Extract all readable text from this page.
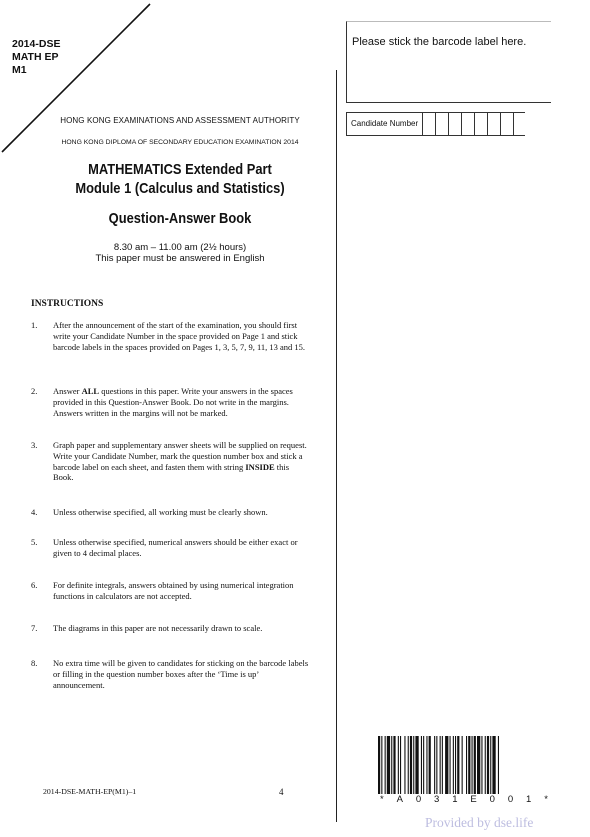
2014-DSE
MATH EP
M1
HONG KONG EXAMINATIONS AND ASSESSMENT AUTHORITY
HONG KONG DIPLOMA OF SECONDARY EDUCATION EXAMINATION 2014
MATHEMATICS Extended Part
Module 1 (Calculus and Statistics)
Question-Answer Book
8.30 am – 11.00 am (2½ hours)
This paper must be answered in English
INSTRUCTIONS
1.	After the announcement of the start of the examination, you should first write your Candidate Number in the space provided on Page 1 and stick barcode labels in the spaces provided on Pages 1, 3, 5, 7, 9, 11, 13 and 15.
2.	Answer ALL questions in this paper. Write your answers in the spaces provided in this Question-Answer Book. Do not write in the margins. Answers written in the margins will not be marked.
3.	Graph paper and supplementary answer sheets will be supplied on request. Write your Candidate Number, mark the question number box and stick a barcode label on each sheet, and fasten them with string INSIDE this Book.
4.	Unless otherwise specified, all working must be clearly shown.
5.	Unless otherwise specified, numerical answers should be either exact or given to 4 decimal places.
6.	For definite integrals, answers obtained by using numerical integration functions in calculators are not accepted.
7.	The diagrams in this paper are not necessarily drawn to scale.
8.	No extra time will be given to candidates for sticking on the barcode labels or filling in the question number boxes after the ‘Time is up’ announcement.
Please stick the barcode label here.
Candidate Number
2014-DSE-MATH-EP(M1)–1	4
* A 0 3 1 E 0 0 1 *
Provided by dse.life
